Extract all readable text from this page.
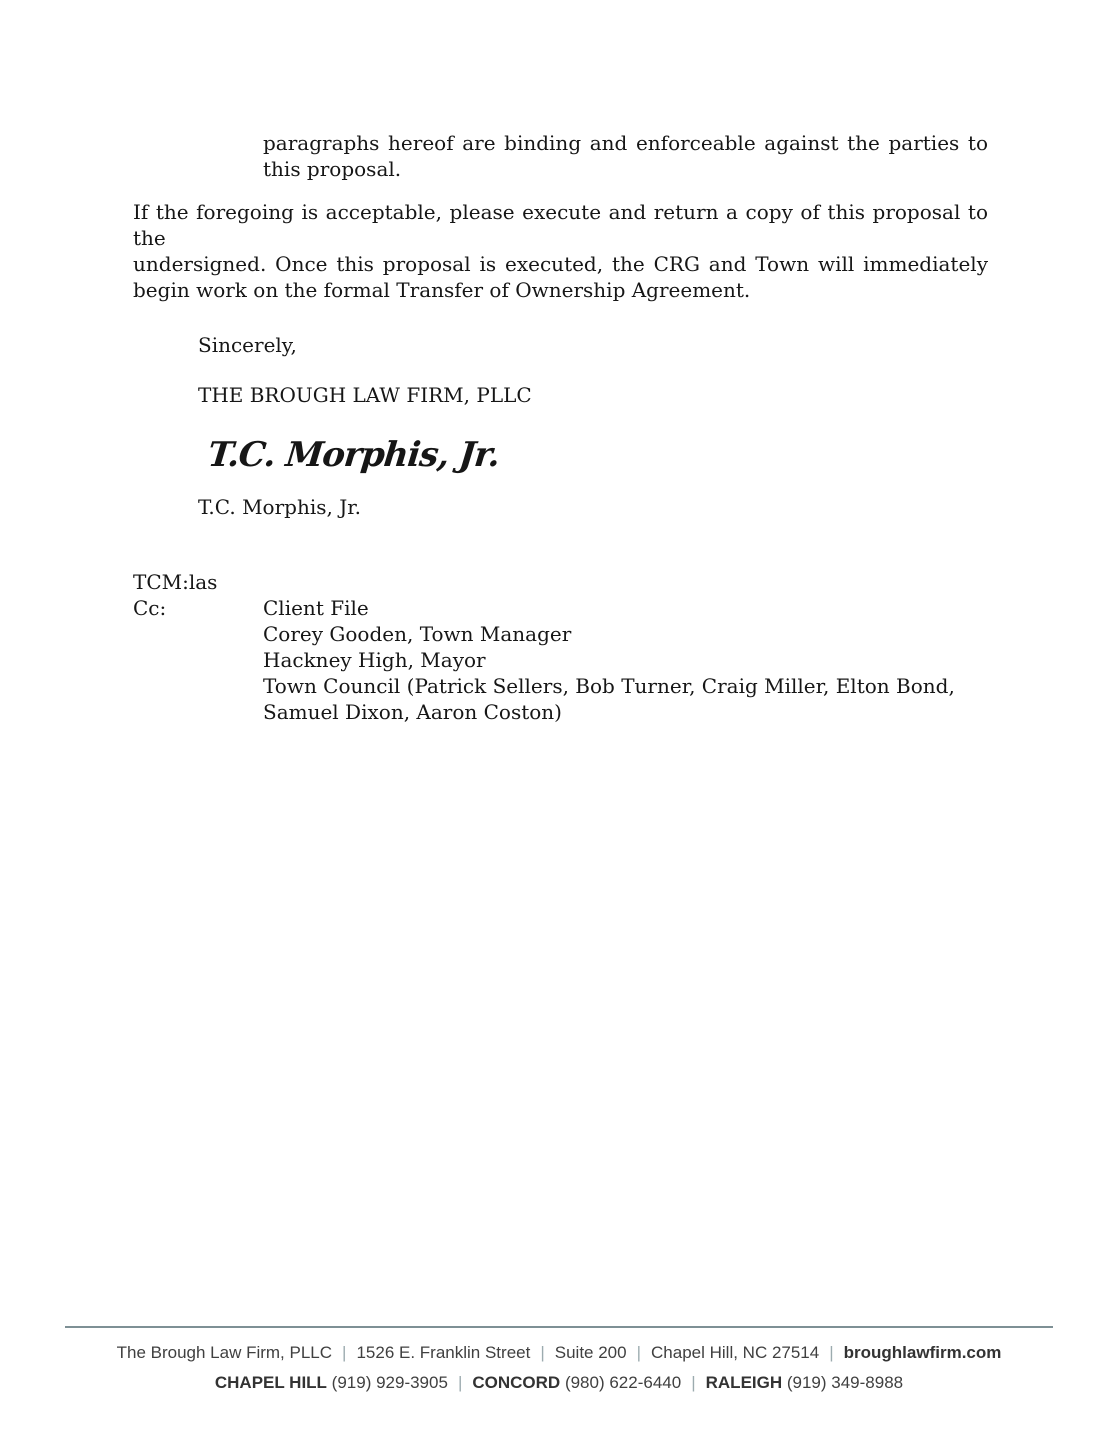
paragraphs hereof are binding and enforceable against the parties to
this proposal.

If the foregoing is acceptable, please execute and return a copy of this proposal to the
undersigned. Once this proposal is executed, the CRG and Town will immediately
begin work on the formal Transfer of Ownership Agreement.

Sincerely,

THE BROUGH LAW FIRM, PLLC

T.C. Morphis, Jr.

T.C. Morphis, Jr.

TCM:las

Cc:	Client File
Corey Gooden, Town Manager
Hackney High, Mayor
Town Council (Patrick Sellers, Bob Turner, Craig Miller, Elton Bond,
Samuel Dixon, Aaron Coston)
The Brough Law Firm, PLLC | 1526 E. Franklin Street | Suite 200 | Chapel Hill, NC 27514 | broughlawfirm.com
CHAPEL HILL (919) 929-3905 | CONCORD (980) 622-6440 | RALEIGH (919) 349-8988
